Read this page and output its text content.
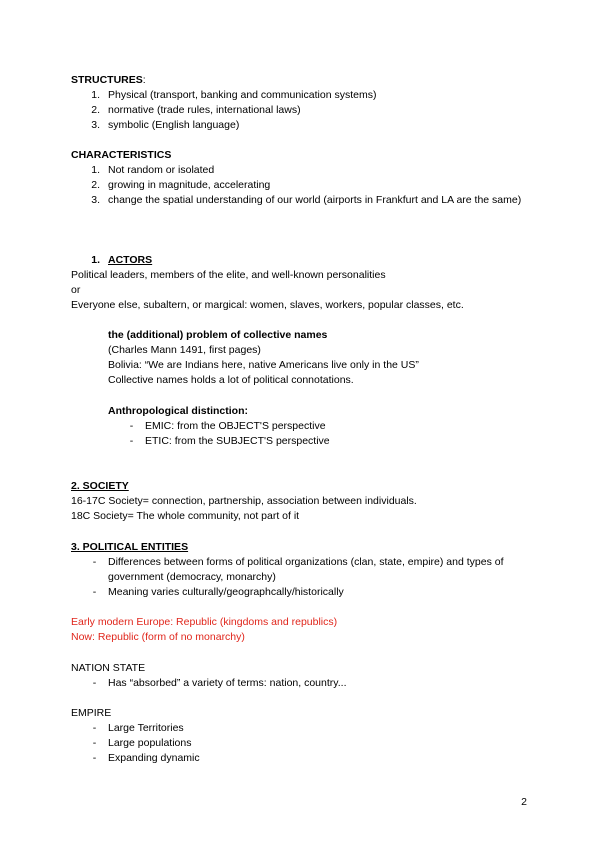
STRUCTURES:
1. Physical (transport, banking and communication systems)
2. normative (trade rules, international laws)
3. symbolic (English language)
CHARACTERISTICS
1. Not random or isolated
2. growing in magnitude, accelerating
3. change the spatial understanding of our world (airports in Frankfurt and LA are the same)
1. ACTORS
Political leaders, members of the elite, and well-known personalities
or
Everyone else, subaltern, or margical: women, slaves, workers, popular classes, etc.
the (additional) problem of collective names
(Charles Mann 1491, first pages)
Bolivia: “We are Indians here, native Americans live only in the US”
Collective names holds a lot of political connotations.
Anthropological distinction:
-	EMIC: from the OBJECT'S perspective
-	ETIC: from the SUBJECT'S perspective
2. SOCIETY
16-17C Society= connection, partnership, association between individuals.
18C Society= The whole community, not part of it
3. POLITICAL ENTITIES
-	Differences between forms of political organizations (clan, state, empire) and types of government (democracy, monarchy)
-	Meaning varies culturally/geographcally/historically
Early modern Europe: Republic (kingdoms and republics)
Now: Republic (form of no monarchy)
NATION STATE
-	Has “absorbed” a variety of terms: nation, country...
EMPIRE
-	Large Territories
-	Large populations
-	Expanding dynamic
2
